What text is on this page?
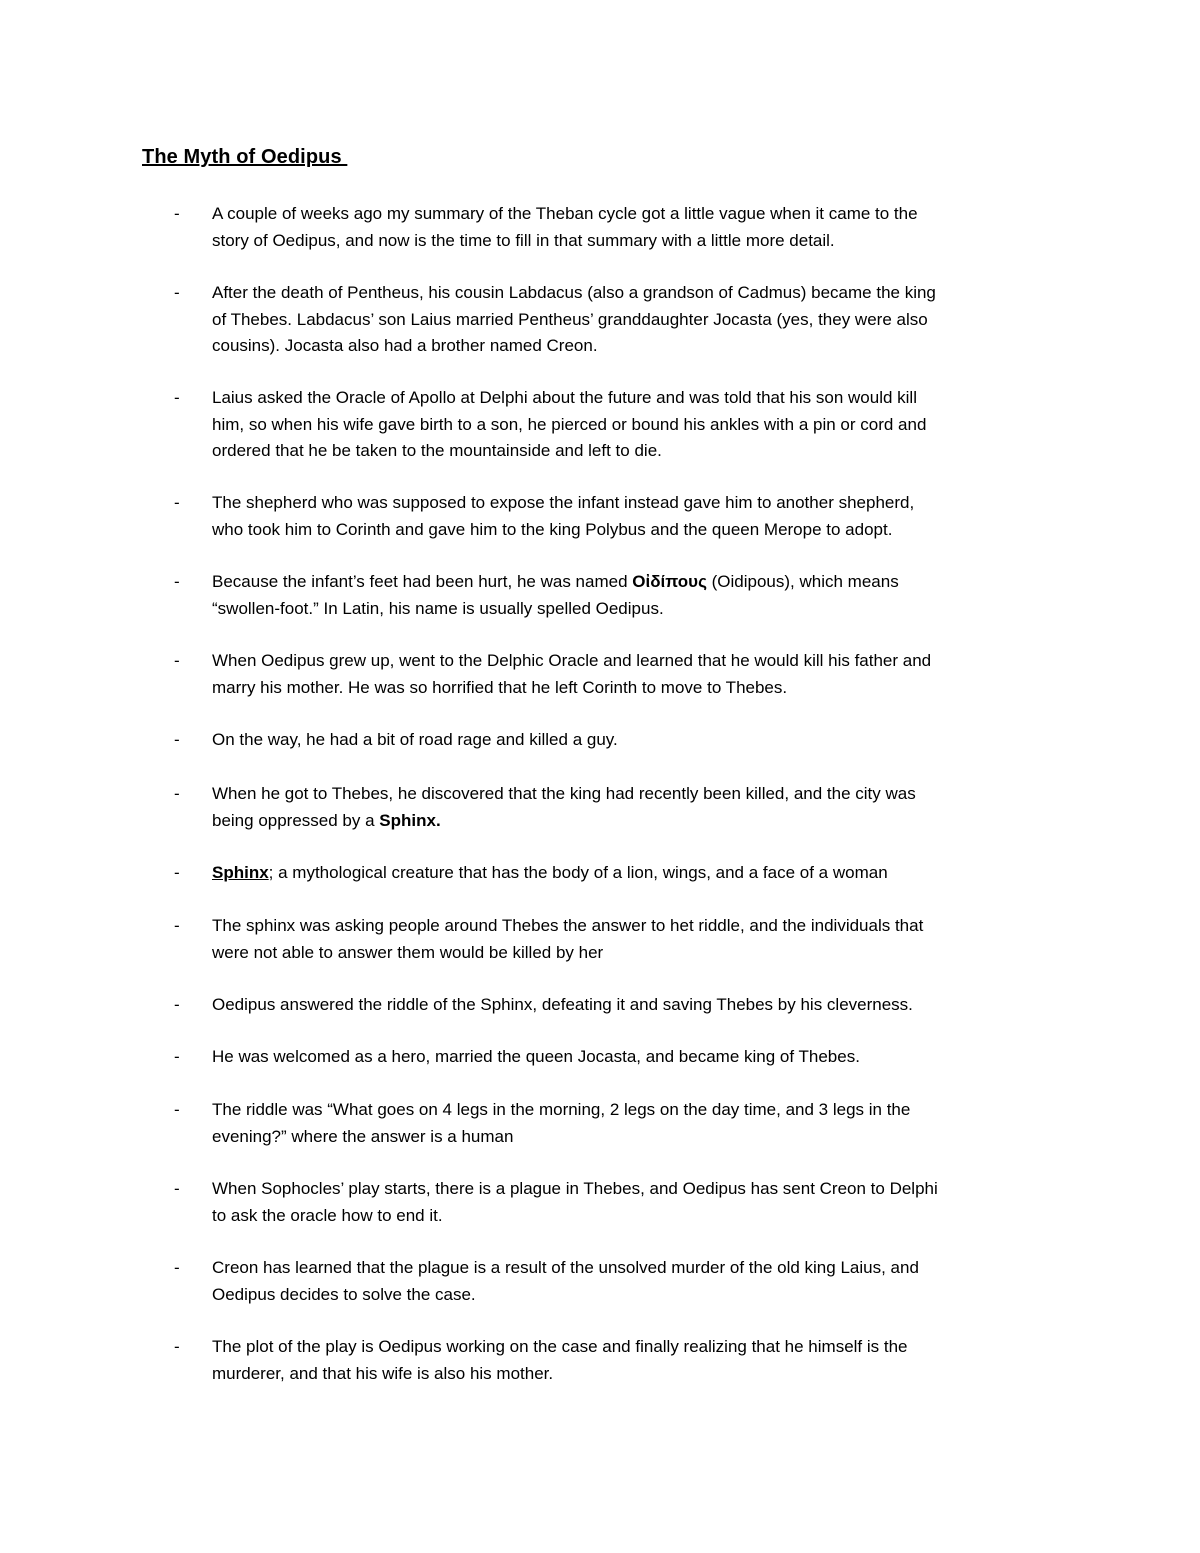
The Myth of Oedipus
- A couple of weeks ago my summary of the Theban cycle got a little vague when it came to the
story of Oedipus, and now is the time to fill in that summary with a little more detail.
- After the death of Pentheus, his cousin Labdacus (also a grandson of Cadmus) became the king
of Thebes. Labdacus’ son Laius married Pentheus’ granddaughter Jocasta (yes, they were also
cousins). Jocasta also had a brother named Creon.
- Laius asked the Oracle of Apollo at Delphi about the future and was told that his son would kill
him, so when his wife gave birth to a son, he pierced or bound his ankles with a pin or cord and
ordered that he be taken to the mountainside and left to die.
- The shepherd who was supposed to expose the infant instead gave him to another shepherd,
who took him to Corinth and gave him to the king Polybus and the queen Merope to adopt.
- Because the infant’s feet had been hurt, he was named Οἰδίπους (Oidipous), which means
“swollen-foot.” In Latin, his name is usually spelled Oedipus.
- When Oedipus grew up, went to the Delphic Oracle and learned that he would kill his father and
marry his mother. He was so horrified that he left Corinth to move to Thebes.
- On the way, he had a bit of road rage and killed a guy.
- When he got to Thebes, he discovered that the king had recently been killed, and the city was
being oppressed by a Sphinx.
- Sphinx; a mythological creature that has the body of a lion, wings, and a face of a woman
- The sphinx was asking people around Thebes the answer to het riddle, and the individuals that
were not able to answer them would be killed by her
- Oedipus answered the riddle of the Sphinx, defeating it and saving Thebes by his cleverness.
- He was welcomed as a hero, married the queen Jocasta, and became king of Thebes.
- The riddle was “What goes on 4 legs in the morning, 2 legs on the day time, and 3 legs in the
evening?” where the answer is a human
- When Sophocles’ play starts, there is a plague in Thebes, and Oedipus has sent Creon to Delphi
to ask the oracle how to end it.
- Creon has learned that the plague is a result of the unsolved murder of the old king Laius, and
Oedipus decides to solve the case.
- The plot of the play is Oedipus working on the case and finally realizing that he himself is the
murderer, and that his wife is also his mother.
